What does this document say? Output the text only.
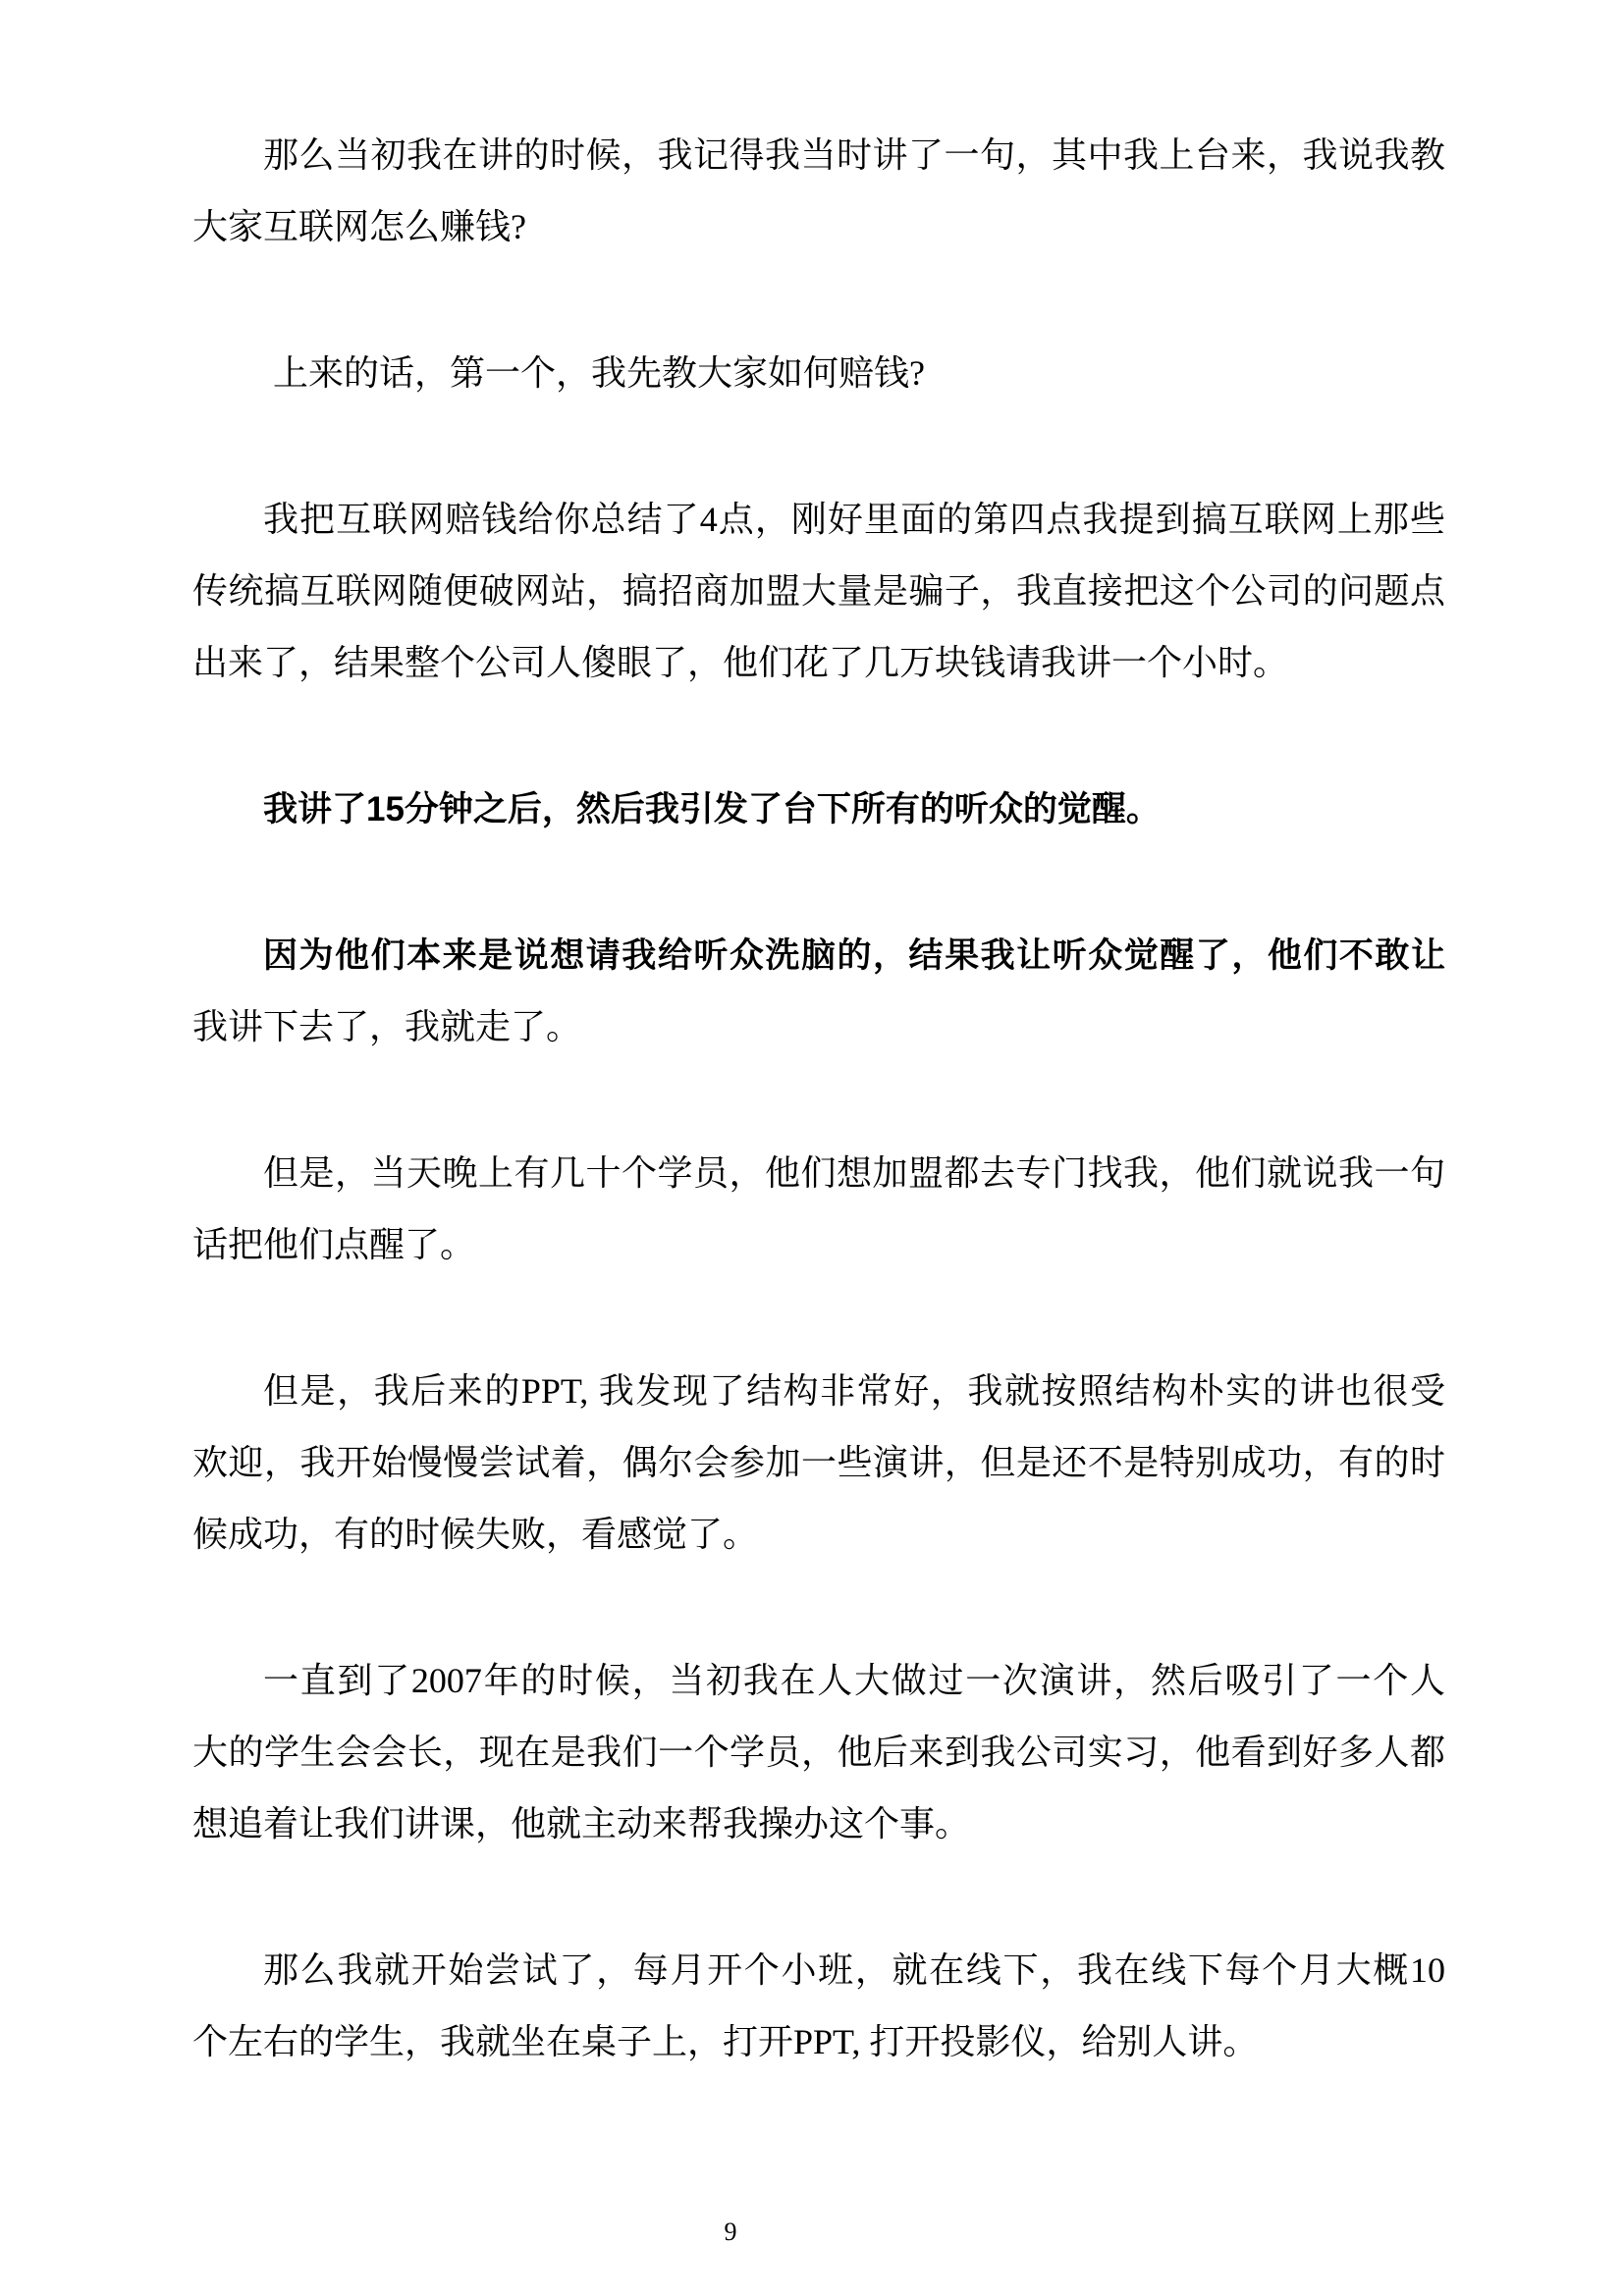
那么当初我在讲的时候，我记得我当时讲了一句，其中我上台来，我说我教
大家互联网怎么赚钱?
上来的话，第一个，我先教大家如何赔钱?
我把互联网赔钱给你总结了4点，刚好里面的第四点我提到搞互联网上那些
传统搞互联网随便破网站，搞招商加盟大量是骗子，我直接把这个公司的问题点
出来了，结果整个公司人傻眼了，他们花了几万块钱请我讲一个小时。
我讲了15分钟之后，然后我引发了台下所有的听众的觉醒。
因为他们本来是说想请我给听众洗脑的，结果我让听众觉醒了，他们不敢让
我讲下去了，我就走了。
但是，当天晚上有几十个学员，他们想加盟都去专门找我，他们就说我一句
话把他们点醒了。
但是，我后来的PPT, 我发现了结构非常好，我就按照结构朴实的讲也很受
欢迎，我开始慢慢尝试着，偶尔会参加一些演讲，但是还不是特别成功，有的时
候成功，有的时候失败，看感觉了。
一直到了2007年的时候，当初我在人大做过一次演讲，然后吸引了一个人
大的学生会会长，现在是我们一个学员，他后来到我公司实习，他看到好多人都
想追着让我们讲课，他就主动来帮我操办这个事。
那么我就开始尝试了，每月开个小班，就在线下，我在线下每个月大概10
个左右的学生，我就坐在桌子上，打开PPT, 打开投影仪，给别人讲。
9
